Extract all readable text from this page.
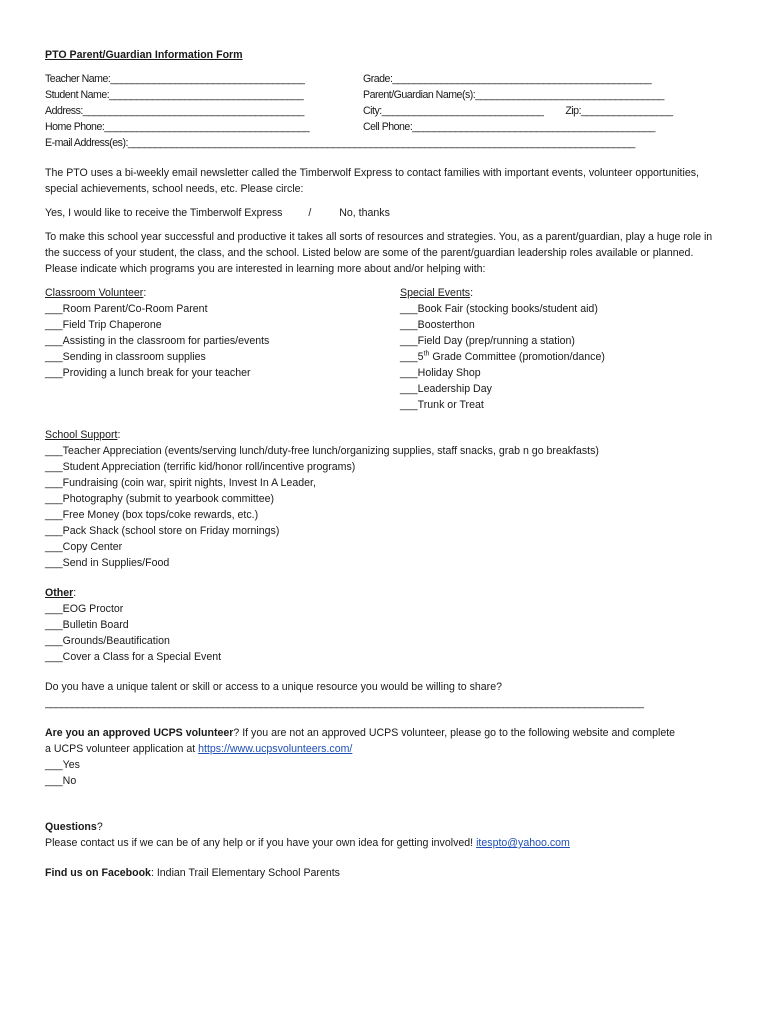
PTO Parent/Guardian Information Form
Teacher Name:____________________________________	Grade:________________________________________________
Student Name:____________________________________	Parent/Guardian Name(s):___________________________________
Address:_________________________________________	City:______________________________ Zip:_________________
Home Phone:______________________________________	Cell Phone:_____________________________________________
E-mail Address(es):______________________________________________________________________________________________
The PTO uses a bi-weekly email newsletter called the Timberwolf Express to contact families with important events, volunteer opportunities, special achievements, school needs, etc. Please circle:
Yes, I would like to receive the Timberwolf Express /	No, thanks
To make this school year successful and productive it takes all sorts of resources and strategies. You, as a parent/guardian, play a huge role in the success of your student, the class, and the school. Listed below are some of the parent/guardian leadership roles available or planned. Please indicate which programs you are interested in learning more about and/or helping with:
Classroom Volunteer:
___Room Parent/Co-Room Parent
___Field Trip Chaperone
___Assisting in the classroom for parties/events
___Sending in classroom supplies
___Providing a lunch break for your teacher
Special Events:
___Book Fair (stocking books/student aid)
___Boosterthon
___Field Day (prep/running a station)
___5th Grade Committee (promotion/dance)
___Holiday Shop
___Leadership Day
___Trunk or Treat
School Support:
___Teacher Appreciation (events/serving lunch/duty-free lunch/organizing supplies, staff snacks, grab n go breakfasts)
___Student Appreciation (terrific kid/honor roll/incentive programs)
___Fundraising (coin war, spirit nights, Invest In A Leader,
___Photography (submit to yearbook committee)
___Free Money (box tops/coke rewards, etc.)
___Pack Shack (school store on Friday mornings)
___Copy Center
___Send in Supplies/Food
Other:
___EOG Proctor
___Bulletin Board
___Grounds/Beautification
___Cover a Class for a Special Event
Do you have a unique talent or skill or access to a unique resource you would be willing to share?
_______________________________________________________________________________________________________________
Are you an approved UCPS volunteer? If you are not an approved UCPS volunteer, please go to the following website and complete
a UCPS volunteer application at https://www.ucpsvolunteers.com/
___Yes
___No
Questions?
Please contact us if we can be of any help or if you have your own idea for getting involved! itespto@yahoo.com
Find us on Facebook: Indian Trail Elementary School Parents
